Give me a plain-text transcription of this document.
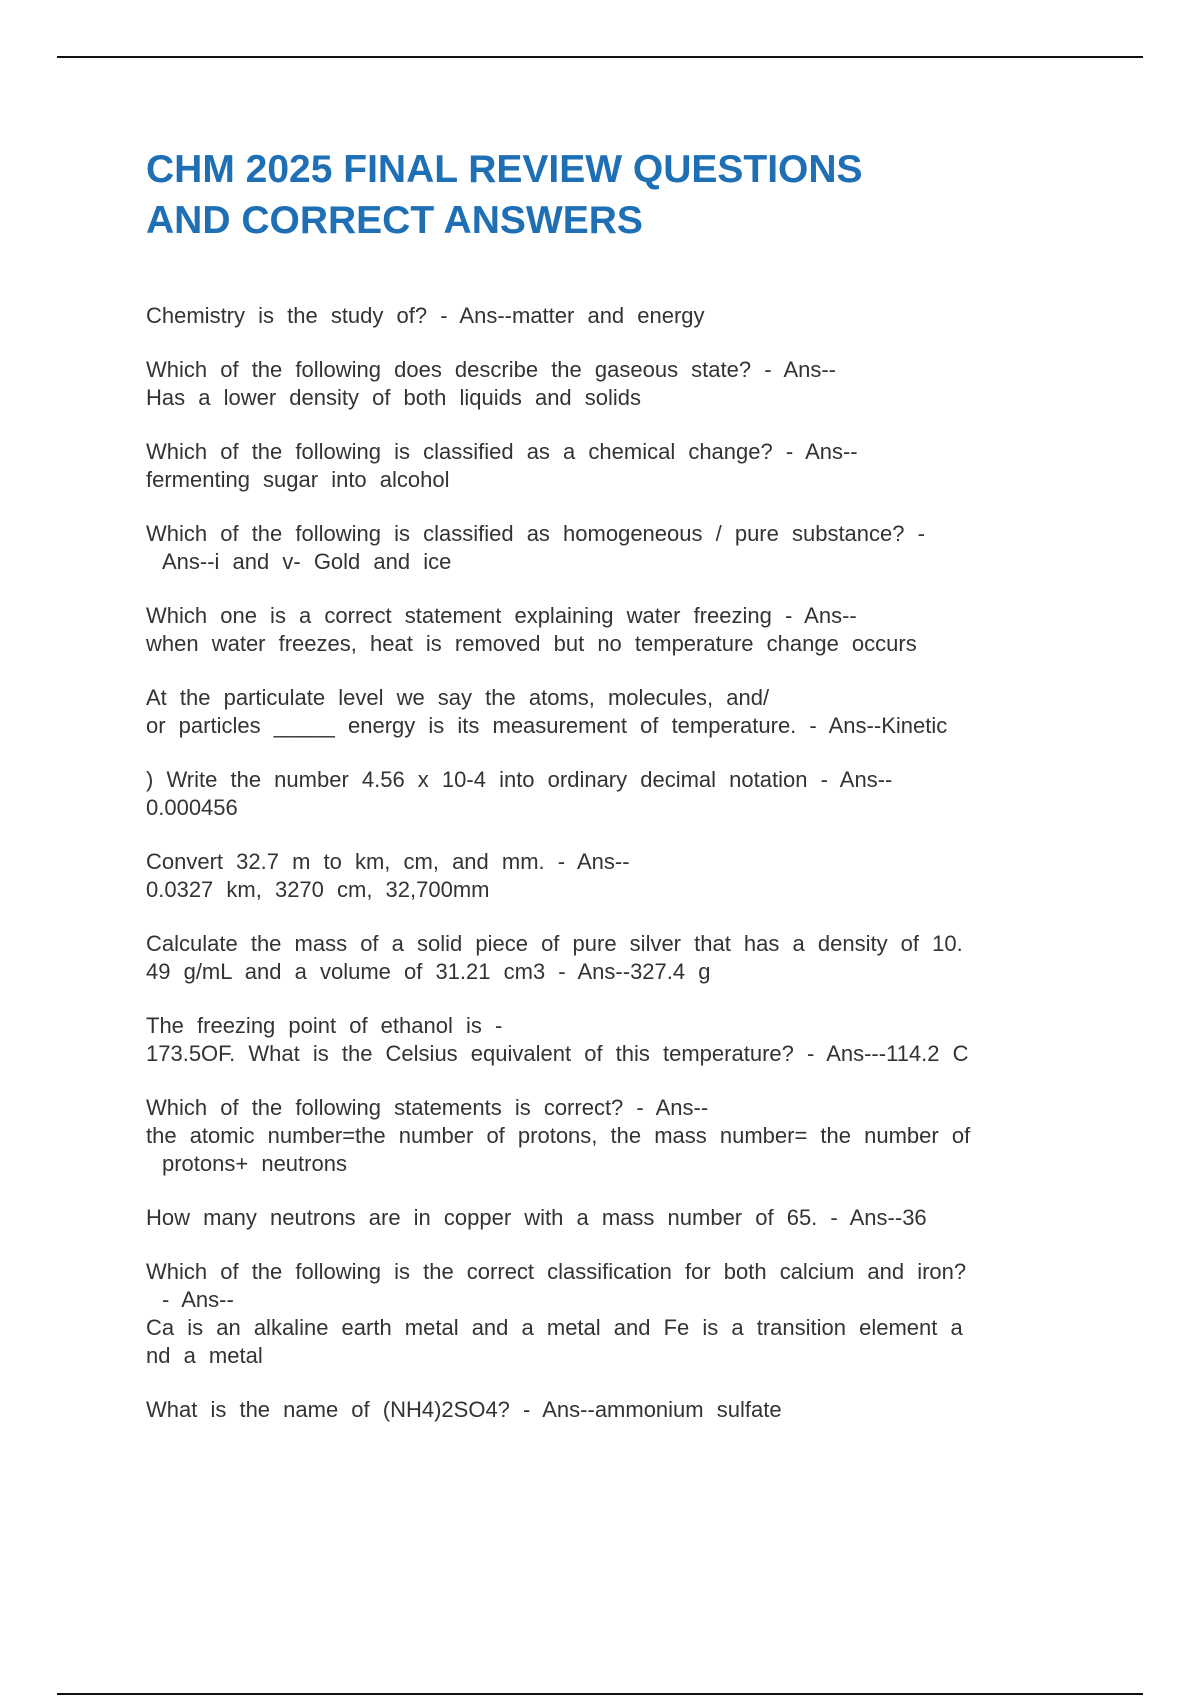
CHM 2025 FINAL REVIEW QUESTIONS
AND CORRECT ANSWERS
Chemistry is the study of? - Ans--matter and energy
Which of the following does describe the gaseous state? - Ans--
Has a lower density of both liquids and solids
Which of the following is classified as a chemical change? - Ans--
fermenting sugar into alcohol
Which of the following is classified as homogeneous / pure substance? -
Ans--i and v- Gold and ice
Which one is a correct statement explaining water freezing - Ans--
when water freezes, heat is removed but no temperature change occurs
At the particulate level we say the atoms, molecules, and/
or particles _____ energy is its measurement of temperature. - Ans--Kinetic
) Write the number 4.56 x 10-4 into ordinary decimal notation - Ans--
0.000456
Convert 32.7 m to km, cm, and mm. - Ans--
0.0327 km, 3270 cm, 32,700mm
Calculate the mass of a solid piece of pure silver that has a density of 10.
49 g/mL and a volume of 31.21 cm3 - Ans--327.4 g
The freezing point of ethanol is -
173.5OF. What is the Celsius equivalent of this temperature? - Ans---114.2 C
Which of the following statements is correct? - Ans--
the atomic number=the number of protons, the mass number= the number of
protons+ neutrons
How many neutrons are in copper with a mass number of 65. - Ans--36
Which of the following is the correct classification for both calcium and iron?
- Ans--
Ca is an alkaline earth metal and a metal and Fe is a transition element a
nd a metal
What is the name of (NH4)2SO4? - Ans--ammonium sulfate
